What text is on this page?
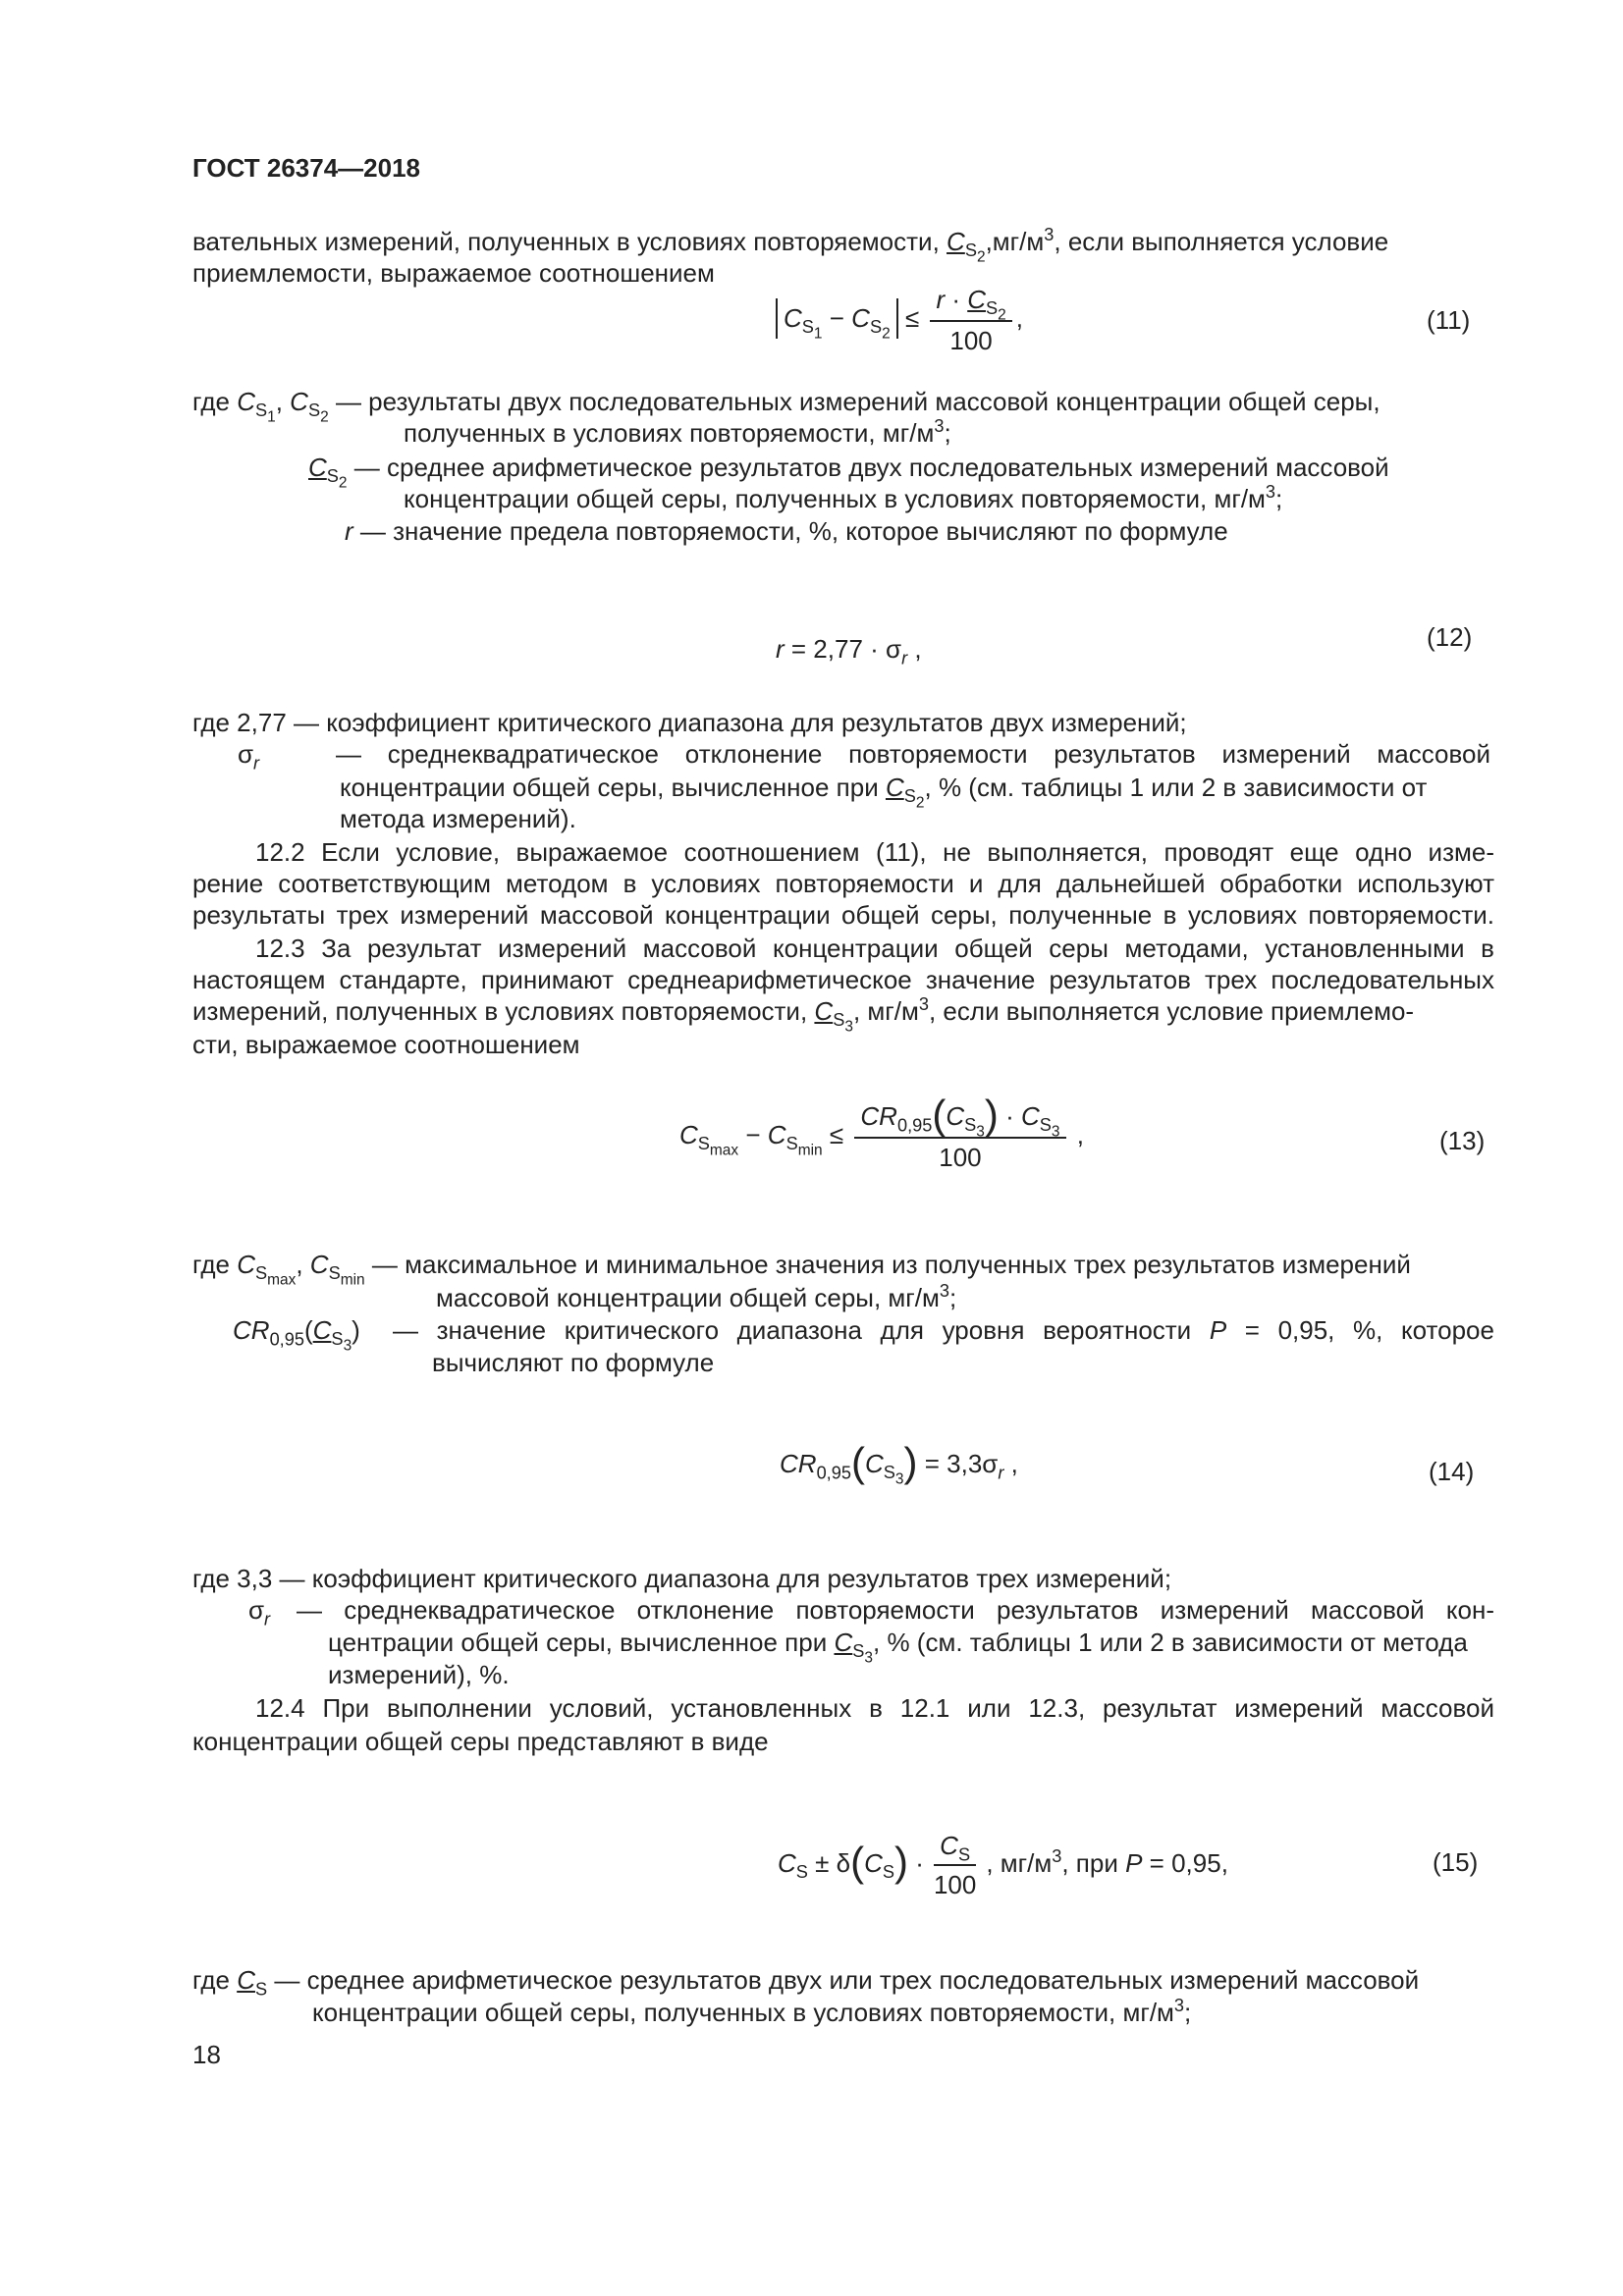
ГОСТ 26374—2018
вательных измерений, полученных в условиях повторяемости, $C_{S_2},мг/м^3$, если выполняется условие
приемлемости, выражаемое соотношением
$C_{S_1} - C_{S_2} \le \frac{r \cdot C_{S_2}}{100}$ ,	(11)
где $C_{S_1}$, $C_{S_2}$ — результаты двух последовательных измерений массовой концентрации общей серы,
полученных в условиях повторяемости, $мг/м^3$;
$C_{S_2}$ — среднее арифметическое результатов двух последовательных измерений массовой
концентрации общей серы, полученных в условиях повторяемости, $мг/м^3$;
r — значение предела повторяемости, %, которое вычисляют по формуле
$r = 2,77 \cdot \sigma_r$ ,	(12)
где 2,77 — коэффициент критического диапазона для результатов двух измерений;
$\sigma_r$	— среднеквадратическое отклонение повторяемости результатов измерений массовой
концентрации общей серы, вычисленное при $C_{S_2}$, % (см. таблицы 1 или 2 в зависимости от
метода измерений).
12.2 Если условие, выражаемое соотношением (11), не выполняется, проводят еще одно изме-
рение соответствующим методом в условиях повторяемости и для дальнейшей обработки используют
результаты трех измерений массовой концентрации общей серы, полученные в условиях повторяемости.
12.3 За результат измерений массовой концентрации общей серы методами, установленными в
настоящем стандарте, принимают среднеарифметическое значение результатов трех последовательных
измерений, полученных в условиях повторяемости, $C_{S_3}$, $мг/м^3$, если выполняется условие приемлемо-
сти, выражаемое соотношением
$C_{S_{max}} - C_{S_{min}} \le \frac{CR_{0,95}(C_{S_3}) \cdot C_{S_3}}{100}$ ,	(13)
где $C_{S_{max}}$, $C_{S_{min}}$ — максимальное и минимальное значения из полученных трех результатов измерений
массовой концентрации общей серы, $мг/м^3$;
$CR_{0,95}(C_{S_3})$ — значение критического диапазона для уровня вероятности P = 0,95, %, которое
вычисляют по формуле
$CR_{0,95}(C_{S_3}) = 3,3\sigma_r$ ,	(14)
где 3,3 — коэффициент критического диапазона для результатов трех измерений;
$\sigma_r$ — среднеквадратическое отклонение повторяемости результатов измерений массовой кон-
центрации общей серы, вычисленное при $C_{S_3}$, % (см. таблицы 1 или 2 в зависимости от метода
измерений), %.
12.4 При выполнении условий, установленных в 12.1 или 12.3, результат измерений массовой
концентрации общей серы представляют в виде
$C_S \pm \delta(C_S) \cdot \frac{C_S}{100}$ , $мг/м^3$, при P = 0,95,	(15)
где $C_S$ — среднее арифметическое результатов двух или трех последовательных измерений массовой
концентрации общей серы, полученных в условиях повторяемости, $мг/м^3$;
18
